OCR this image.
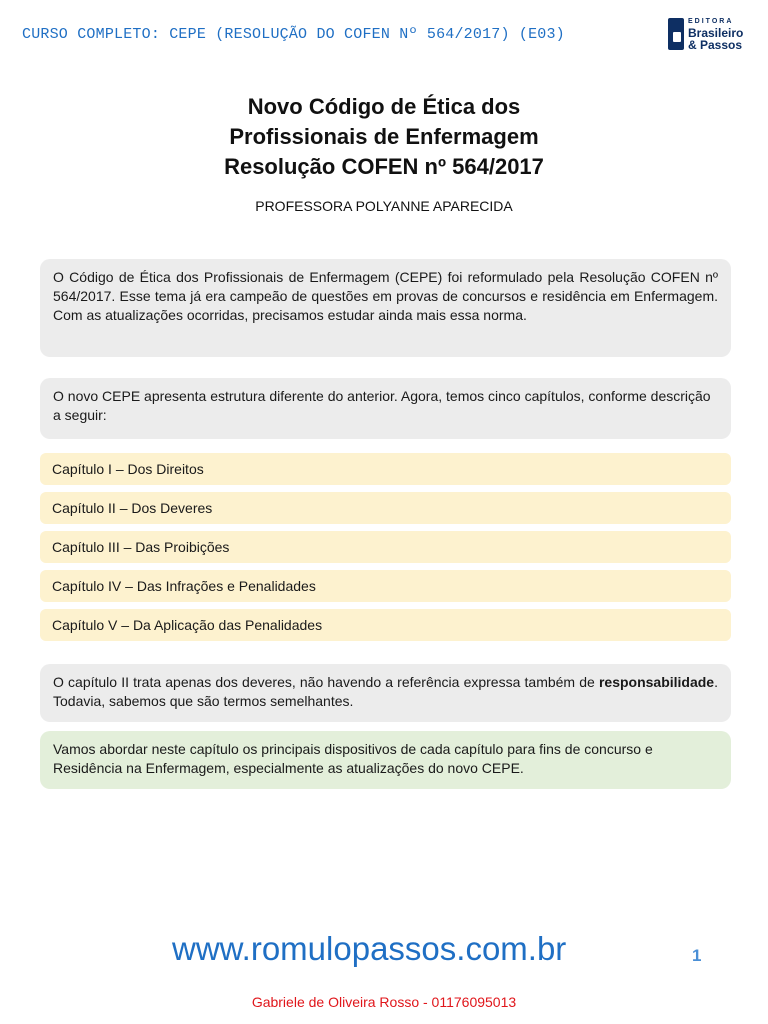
CURSO COMPLETO: CEPE (RESOLUÇÃO DO COFEN Nº 564/2017) (E03)
EDITORA
Brasileiro
& Passos
Novo Código de Ética dos
Profissionais de Enfermagem
Resolução COFEN nº 564/2017
PROFESSORA POLYANNE APARECIDA
O Código de Ética dos Profissionais de Enfermagem (CEPE) foi reformulado pela Resolução COFEN nº 564/2017. Esse tema já era campeão de questões em provas de concursos e residência em Enfermagem. Com as atualizações ocorridas, precisamos estudar ainda mais essa norma.
O novo CEPE apresenta estrutura diferente do anterior. Agora, temos cinco capítulos, conforme descrição a seguir:
Capítulo I – Dos Direitos
Capítulo II – Dos Deveres
Capítulo III – Das Proibições
Capítulo IV – Das Infrações e Penalidades
Capítulo V – Da Aplicação das Penalidades
O capítulo II trata apenas dos deveres, não havendo a referência expressa também de responsabilidade. Todavia, sabemos que são termos semelhantes.
Vamos abordar neste capítulo os principais dispositivos de cada capítulo para fins de concurso e Residência na Enfermagem, especialmente as atualizações do novo CEPE.
www.romulopassos.com.br	1
Gabriele de Oliveira Rosso - 01176095013
